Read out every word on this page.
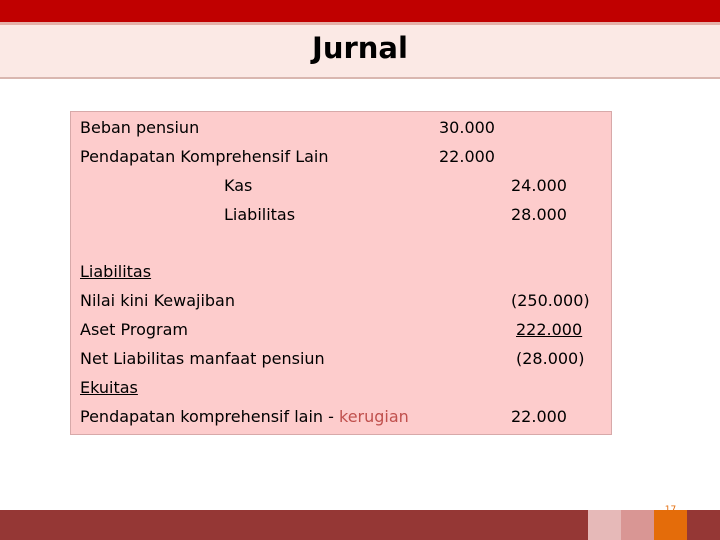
Jurnal
Beban pensiun	30.000
Pendapatan Komprehensif Lain	22.000
Kas	24.000
Liabilitas	28.000
Liabilitas
Nilai kini Kewajiban	(250.000)
Aset Program	222.000
Net Liabilitas manfaat pensiun	(28.000)
Ekuitas
Pendapatan komprehensif lain - kerugian	22.000
17
